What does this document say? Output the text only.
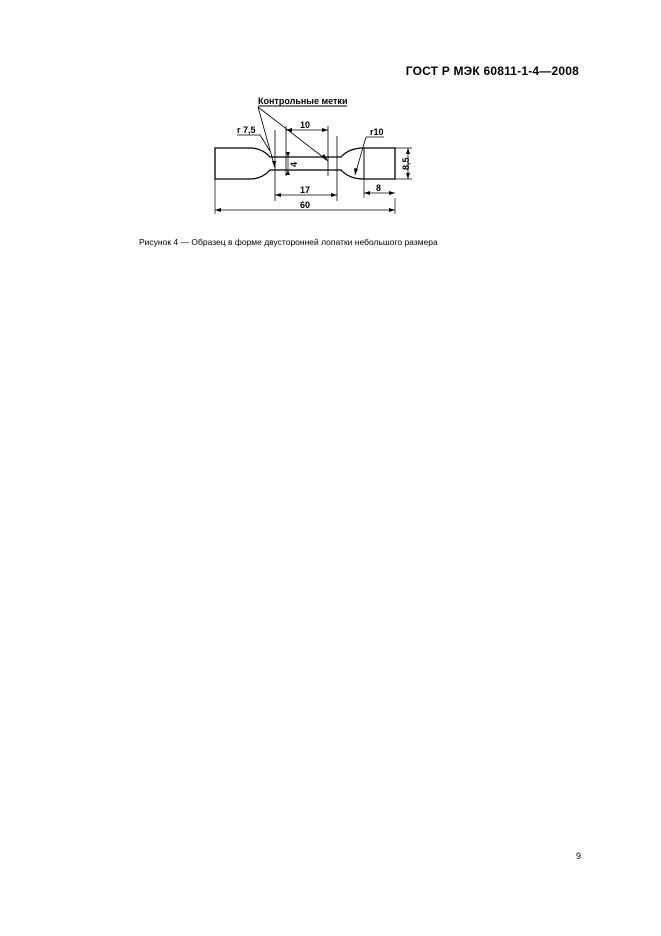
ГОСТ Р МЭК 60811-1-4—2008
Контрольные метки
r 7,5	r10
10
4
17	8
8,5
60
Рисунок 4 — Образец в форме двусторонней лопатки небольшого размера
9
